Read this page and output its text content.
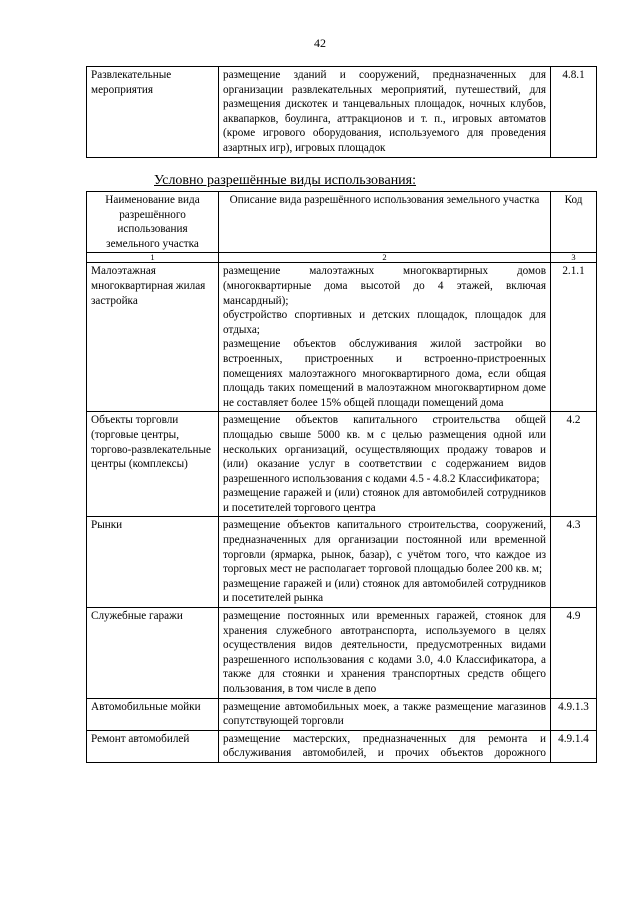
42
Развлекательные мероприятия	размещение зданий и сооружений, предназначенных для организации развлекательных мероприятий, путешествий, для размещения дискотек и танцевальных площадок, ночных клубов, аквапарков, боулинга, аттракционов и т. п., игровых автоматов (кроме игрового оборудования, используемого для проведения азартных игр), игровых площадок	4.8.1
Условно разрешённые виды использования:
Наименование вида разрешённого использования земельного участка	Описание вида разрешённого использования земельного участка	Код
1	2	3
Малоэтажная многоквартирная жилая застройка	размещение малоэтажных многоквартирных домов (многоквартирные дома высотой до 4 этажей, включая мансардный);
обустройство спортивных и детских площадок, площадок для отдыха;
размещение объектов обслуживания жилой застройки во встроенных, пристроенных и встроенно-пристроенных помещениях малоэтажного многоквартирного дома, если общая площадь таких помещений в малоэтажном многоквартирном доме не составляет более 15% общей площади помещений дома	2.1.1
Объекты торговли (торговые центры, торгово-развлекательные центры (комплексы)	размещение объектов капитального строительства общей площадью свыше 5000 кв. м с целью размещения одной или нескольких организаций, осуществляющих продажу товаров и (или) оказание услуг в соответствии с содержанием видов разрешенного использования с кодами 4.5 - 4.8.2 Классификатора;
размещение гаражей и (или) стоянок для автомобилей сотрудников и посетителей торгового центра	4.2
Рынки	размещение объектов капитального строительства, сооружений, предназначенных для организации постоянной или временной торговли (ярмарка, рынок, базар), с учётом того, что каждое из торговых мест не располагает торговой площадью более 200 кв. м;
размещение гаражей и (или) стоянок для автомобилей сотрудников и посетителей рынка	4.3
Служебные гаражи	размещение постоянных или временных гаражей, стоянок для хранения служебного автотранспорта, используемого в целях осуществления видов деятельности, предусмотренных видами разрешенного использования с кодами 3.0, 4.0 Классификатора, а также для стоянки и хранения транспортных средств общего пользования, в том числе в депо	4.9
Автомобильные мойки	размещение автомобильных моек, а также размещение магазинов сопутствующей торговли	4.9.1.3
Ремонт автомобилей	размещение мастерских, предназначенных для ремонта и обслуживания автомобилей, и прочих объектов дорожного	4.9.1.4
